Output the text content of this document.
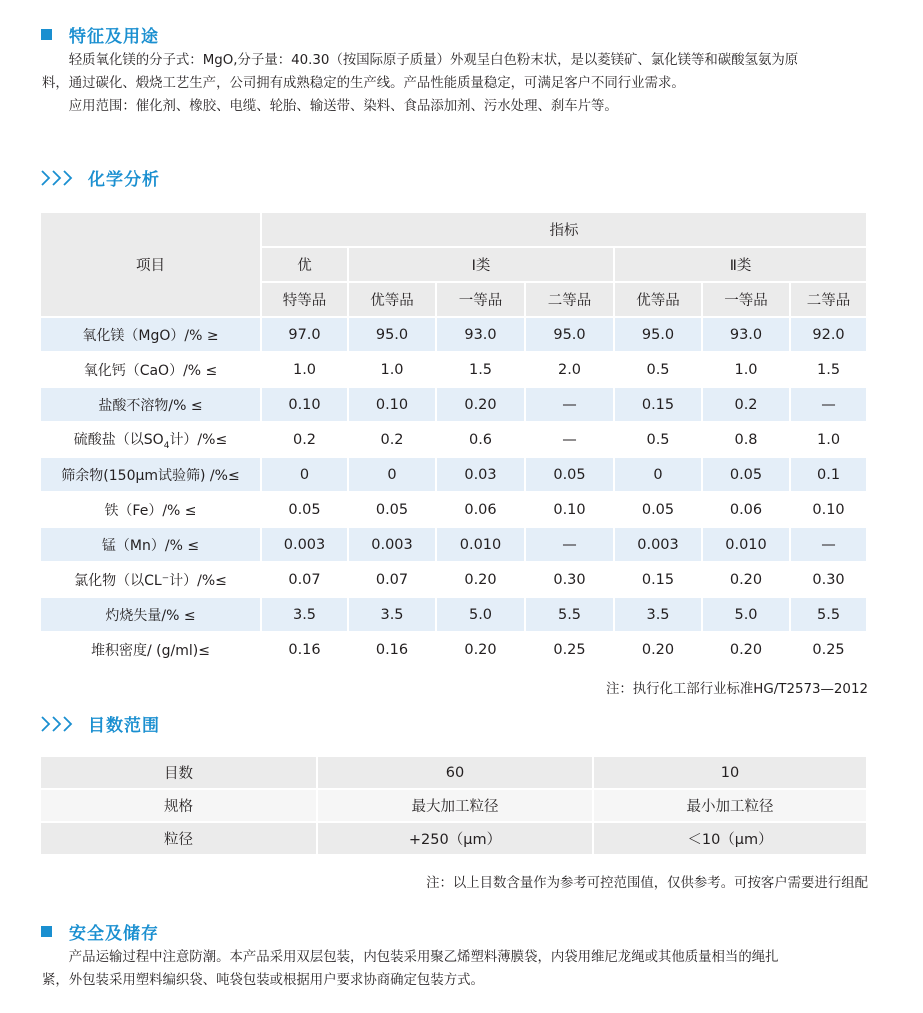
特征及用途

轻质氧化镁的分子式：MgO,分子量：40.30（按国际原子质量）外观呈白色粉末状，是以菱镁矿、氯化镁等和碳酸氢氨为原

料，通过碳化、煅烧工艺生产，公司拥有成熟稳定的生产线。产品性能质量稳定，可满足客户不同行业需求。

应用范围：催化剂、橡胶、电缆、轮胎、输送带、染料、食品添加剂、污水处理、刹车片等。

化学分析
项目	指标						
	优	Ⅰ类			Ⅱ类		
	特等品	优等品	一等品	二等品	优等品	一等品	二等品
氧化镁（MgO）/% ≥	97.0	95.0	93.0	95.0	95.0	93.0	92.0
氧化钙（CaO）/% ≤	1.0	1.0	1.5	2.0	0.5	1.0	1.5
盐酸不溶物/% ≤	0.10	0.10	0.20	—	0.15	0.2	—
硫酸盐（以$SO_4$计）/%≤	0.2	0.2	0.6	—	0.5	0.8	1.0
筛余物(150μm试验筛) /%≤	0	0	0.03	0.05	0	0.05	0.1
铁（Fe）/% ≤	0.05	0.05	0.06	0.10	0.05	0.06	0.10
锰（Mn）/% ≤	0.003	0.003	0.010	—	0.003	0.010	—
氯化物（以CL⁻计）/%≤	0.07	0.07	0.20	0.30	0.15	0.20	0.30
灼烧失量/% ≤	3.5	3.5	5.0	5.5	3.5	5.0	5.5
堆积密度/ (g/ml)≤	0.16	0.16	0.20	0.25	0.20	0.20	0.25
注：执行化工部行业标准HG/T2573—2012
目数范围
目数	60	10
规格	最大加工粒径	最小加工粒径
粒径	+250（μm）	＜10（μm）
注：以上目数含量作为参考可控范围值，仅供参考。可按客户需要进行组配
安全及储存

产品运输过程中注意防潮。本产品采用双层包装，内包装采用聚乙烯塑料薄膜袋，内袋用维尼龙绳或其他质量相当的绳扎

紧，外包装采用塑料编织袋、吨袋包装或根据用户要求协商确定包装方式。
